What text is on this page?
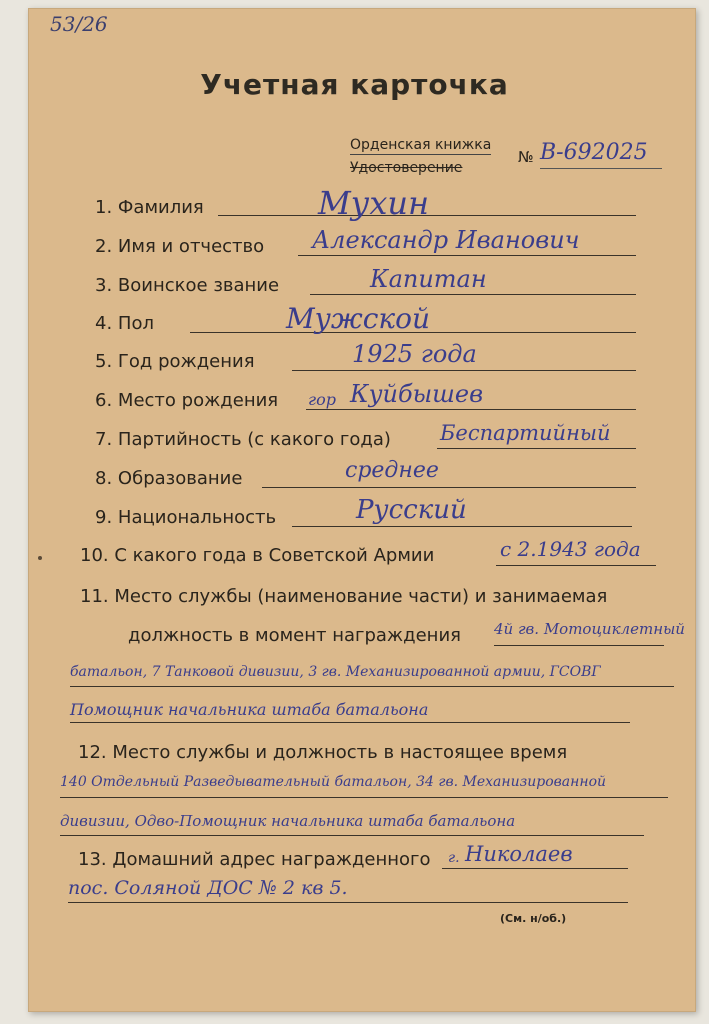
53/26
Учетная карточка
Орденская книжка
Удостоверение
№ В-692025
1. Фамилия	Мухин
2. Имя и отчество Александр Иванович
3. Воинское звание	Капитан
4. Пол	Мужской
5. Год рождения	1925 года
6. Место рождения гор Куйбышев
7. Партийность (с какого года) Беспартийный
8. Образование	среднее
9. Национальность	Русский
10. С какого года в Советской Армии	с 2.1943 года
11. Место службы (наименование части) и занимаемая
должность в момент награждения 4й гв. Мотоциклетный
батальон, 7 Танковой дивизии, 3 гв. Механизированной армии, ГСОВГ
Помощник начальника штаба батальона
12. Место службы и должность в настоящее время
140 Отдельный Разведывательный батальон, 34 гв. Механизированной
дивизии, Одво-Помощник начальника штаба батальона
13. Домашний адрес награжденного г. Николаев
пос. Соляной ДОС № 2 кв 5.
(См. н/об.)
